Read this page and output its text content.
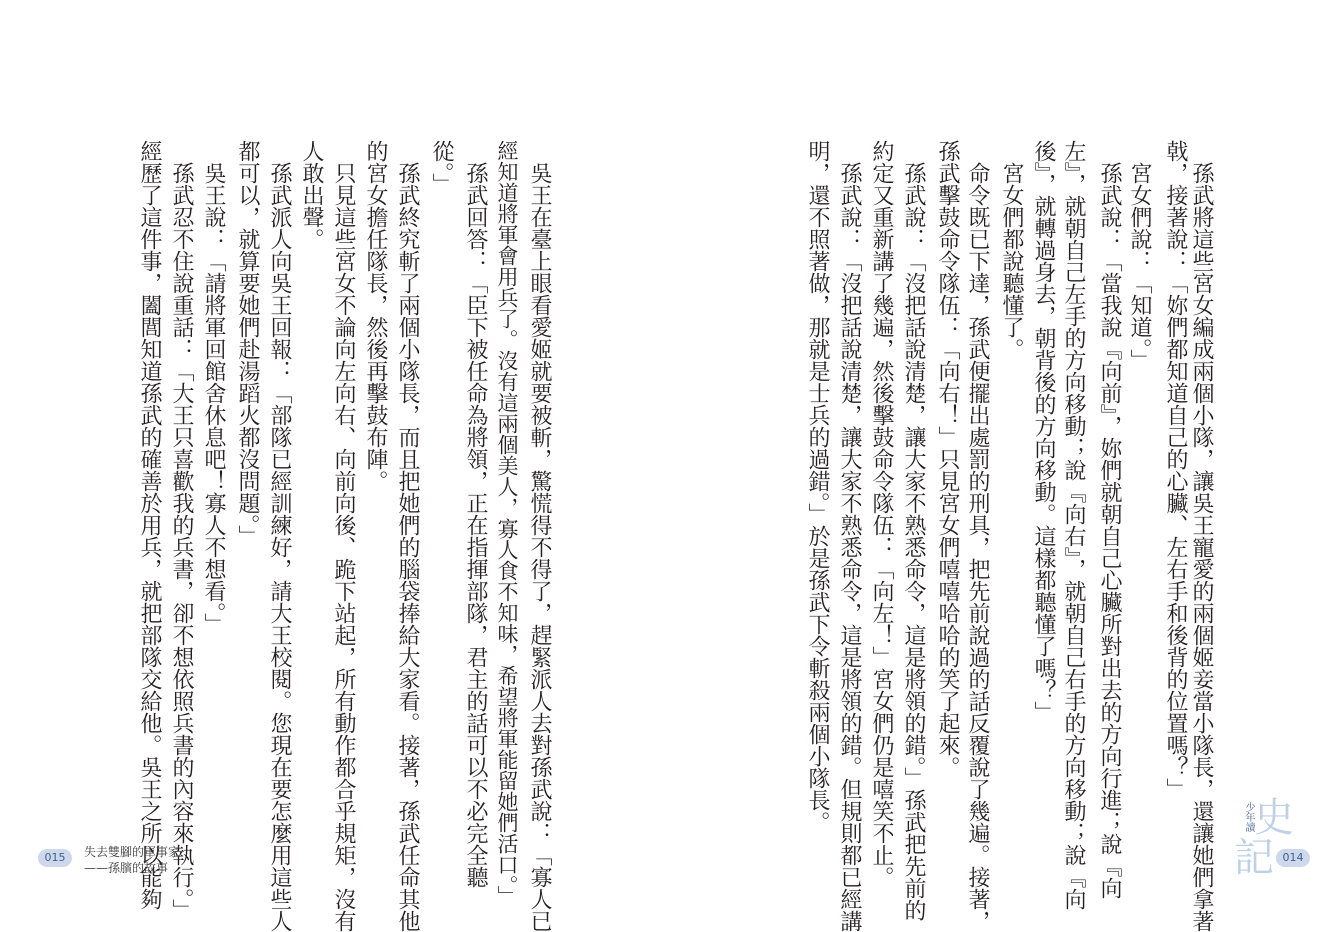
孫武將這些宮女編成兩個小隊，讓吳王寵愛的兩個姬妾當小隊長，還讓她們拿著
戟，接著說：「妳們都知道自己的心臟、左右手和後背的位置嗎？」
宮女們說：「知道。」
孫武說：「當我說『向前』，妳們就朝自己心臟所對出去的方向行進；說『向
左』，就朝自己左手的方向移動；說『向右』，就朝自己右手的方向移動；說『向
後』，就轉過身去，朝背後的方向移動。這樣都聽懂了嗎？」
宮女們都說聽懂了。
命令既已下達，孫武便擺出處罰的刑具，把先前說過的話反覆說了幾遍。接著，
孫武擊鼓命令隊伍：「向右！」只見宮女們嘻嘻哈哈的笑了起來。
孫武說：「沒把話說清楚，讓大家不熟悉命令，這是將領的錯。」孫武把先前的
約定又重新講了幾遍，然後擊鼓命令隊伍：「向左！」宮女們仍是嘻笑不止。
孫武說：「沒把話說清楚，讓大家不熟悉命令，這是將領的錯。但規則都已經講
明，還不照著做，那就是士兵的過錯。」於是孫武下令斬殺兩個小隊長。
吳王在臺上眼看愛姬就要被斬，驚慌得不得了，趕緊派人去對孫武說：「寡人已
經知道將軍會用兵了。沒有這兩個美人，寡人食不知味，希望將軍能留她們活口。」
孫武回答：「臣下被任命為將領，正在指揮部隊，君主的話可以不必完全聽
從。」
孫武終究斬了兩個小隊長，而且把她們的腦袋捧給大家看。接著，孫武任命其他
的宮女擔任隊長，然後再擊鼓布陣。
只見這些宮女不論向左向右、向前向後、跪下站起，所有動作都合乎規矩，沒有
人敢出聲。
孫武派人向吳王回報：「部隊已經訓練好，請大王校閱。您現在要怎麼用這些人
都可以，就算要她們赴湯蹈火都沒問題。」
吳王說：「請將軍回館舍休息吧！寡人不想看。」
孫武忍不住說重話：「大王只喜歡我的兵書，卻不想依照兵書的內容來執行。」
經歷了這件事，闔閭知道孫武的確善於用兵，就把部隊交給他。吳王之所以能夠
015	失去雙腳的軍事家
——孫臏的故事
史
記
少年讀
014
